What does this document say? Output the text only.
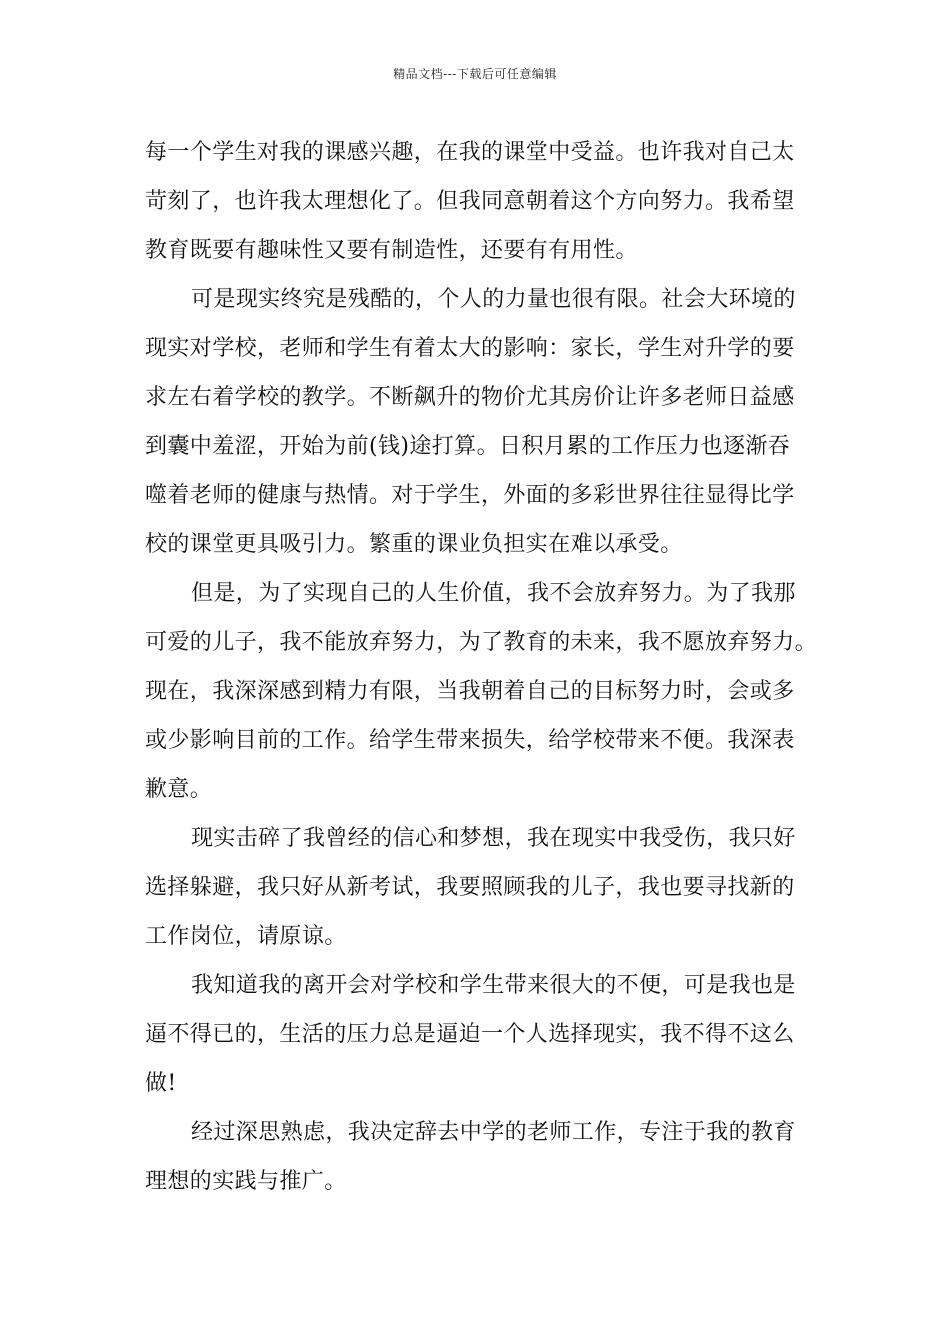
精品文档---下载后可任意编辑
每一个学生对我的课感兴趣，在我的课堂中受益。也许我对自己太
苛刻了，也许我太理想化了。但我同意朝着这个方向努力。我希望
教育既要有趣味性又要有制造性，还要有有用性。
可是现实终究是残酷的，个人的力量也很有限。社会大环境的
现实对学校，老师和学生有着太大的影响：家长，学生对升学的要
求左右着学校的教学。不断飙升的物价尤其房价让许多老师日益感
到囊中羞涩，开始为前(钱)途打算。日积月累的工作压力也逐渐吞
噬着老师的健康与热情。对于学生，外面的多彩世界往往显得比学
校的课堂更具吸引力。繁重的课业负担实在难以承受。
但是，为了实现自己的人生价值，我不会放弃努力。为了我那
可爱的儿子，我不能放弃努力，为了教育的未来，我不愿放弃努力。
现在，我深深感到精力有限，当我朝着自己的目标努力时，会或多
或少影响目前的工作。给学生带来损失，给学校带来不便。我深表
歉意。
现实击碎了我曾经的信心和梦想，我在现实中我受伤，我只好
选择躲避，我只好从新考试，我要照顾我的儿子，我也要寻找新的
工作岗位，请原谅。
我知道我的离开会对学校和学生带来很大的不便，可是我也是
逼不得已的，生活的压力总是逼迫一个人选择现实，我不得不这么
做!
经过深思熟虑，我决定辞去中学的老师工作，专注于我的教育
理想的实践与推广。
